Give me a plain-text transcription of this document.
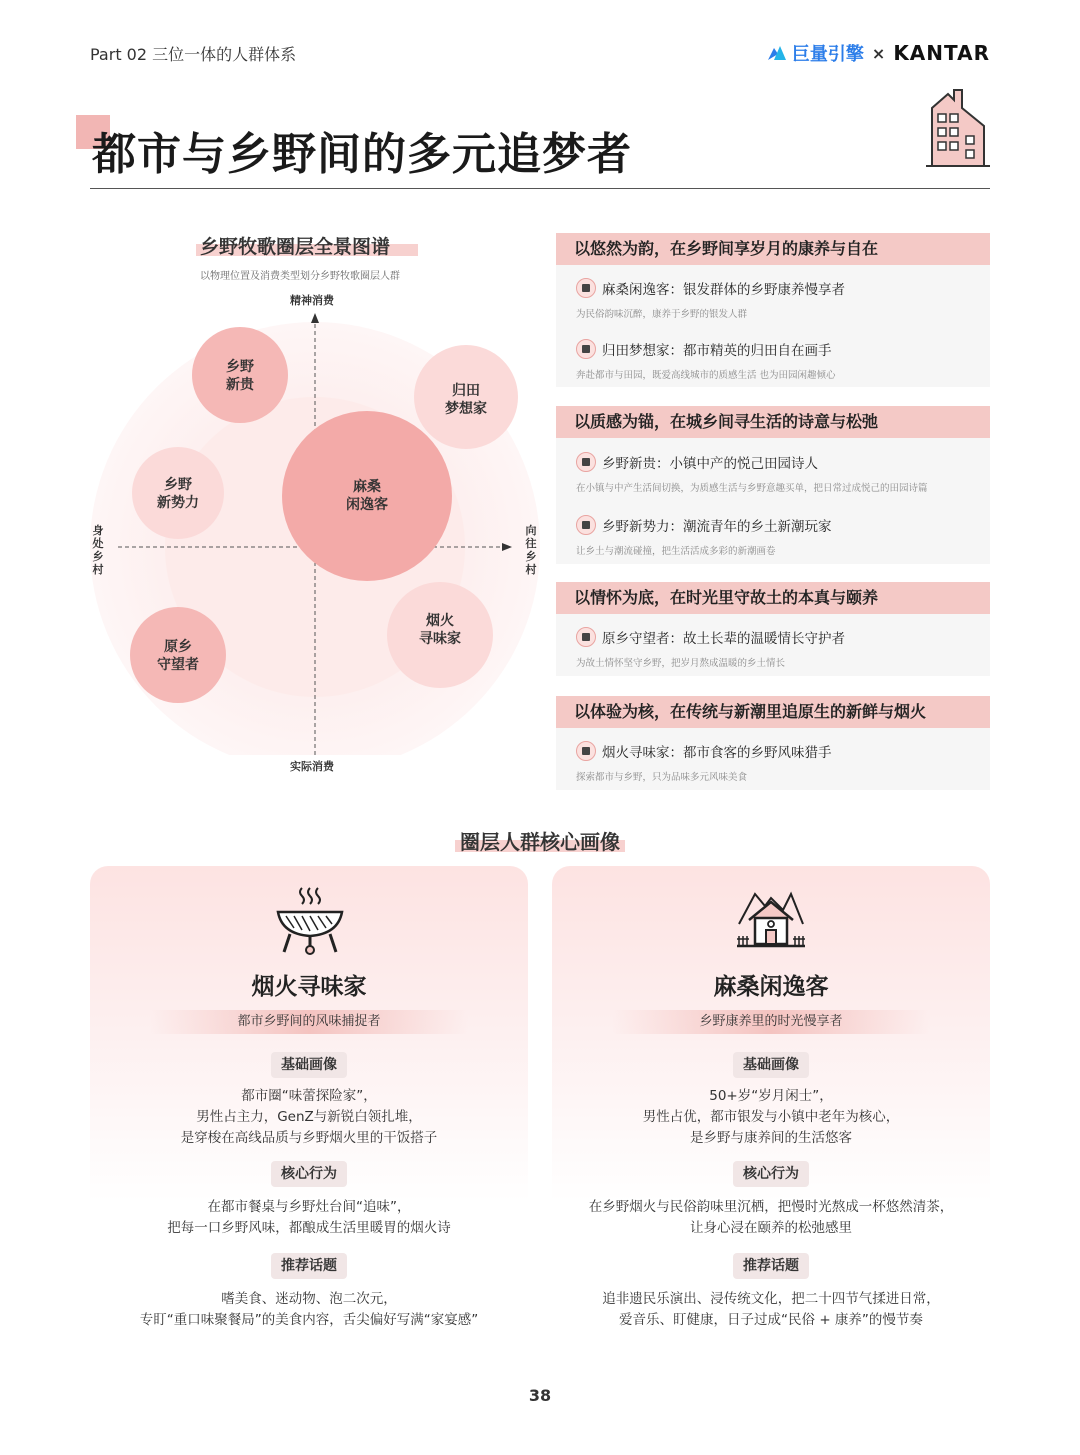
Part 02 三位一体的人群体系	巨量引擎 × KANTAR
都市与乡野间的多元追梦者
乡野牧歌圈层全景图谱
以物理位置及消费类型划分乡野牧歌圈层人群
乡野
新贵	归田
梦想家
乡野
新势力
麻桑
闲逸客
烟火
寻味家
原乡
守望者
精神消费
实际消费
身处乡村
向往乡村
以悠然为韵，在乡野间享岁月的康养与自在
麻桑闲逸客：银发群体的乡野康养慢享者
为民俗韵味沉醉，康养于乡野的银发人群
归田梦想家：都市精英的归田自在画手
奔赴都市与田园，既爱高线城市的质感生活 也为田园闲趣倾心
以质感为锚，在城乡间寻生活的诗意与松弛
乡野新贵：小镇中产的悦己田园诗人
在小镇与中产生活间切换，为质感生活与乡野意趣买单，把日常过成悦己的田园诗篇
乡野新势力：潮流青年的乡土新潮玩家
让乡土与潮流碰撞，把生活活成多彩的新潮画卷
以情怀为底，在时光里守故土的本真与颐养
原乡守望者：故土长辈的温暖情长守护者
为故土情怀坚守乡野，把岁月熬成温暖的乡土情长
以体验为核，在传统与新潮里追原生的新鲜与烟火
烟火寻味家：都市食客的乡野风味猎手
探索都市与乡野，只为品味多元风味美食
圈层人群核心画像
烟火寻味家
都市乡野间的风味捕捉者
基础画像
都市圈“味蕾探险家”，
男性占主力，GenZ与新锐白领扎堆，
是穿梭在高线品质与乡野烟火里的干饭搭子
核心行为
在都市餐桌与乡野灶台间“追味”，
把每一口乡野风味，都酿成生活里暖胃的烟火诗
推荐话题
嗜美食、迷动物、泡二次元，
专盯“重口味聚餐局”的美食内容，舌尖偏好写满“家宴感”
麻桑闲逸客
乡野康养里的时光慢享者
基础画像
50+岁“岁月闲士”，
男性占优，都市银发与小镇中老年为核心，
是乡野与康养间的生活悠客
核心行为
在乡野烟火与民俗韵味里沉栖，把慢时光熬成一杯悠然清茶，
让身心浸在颐养的松弛感里
推荐话题
追非遗民乐演出、浸传统文化，把二十四节气揉进日常，
爱音乐、盯健康，日子过成“民俗 + 康养”的慢节奏
38
